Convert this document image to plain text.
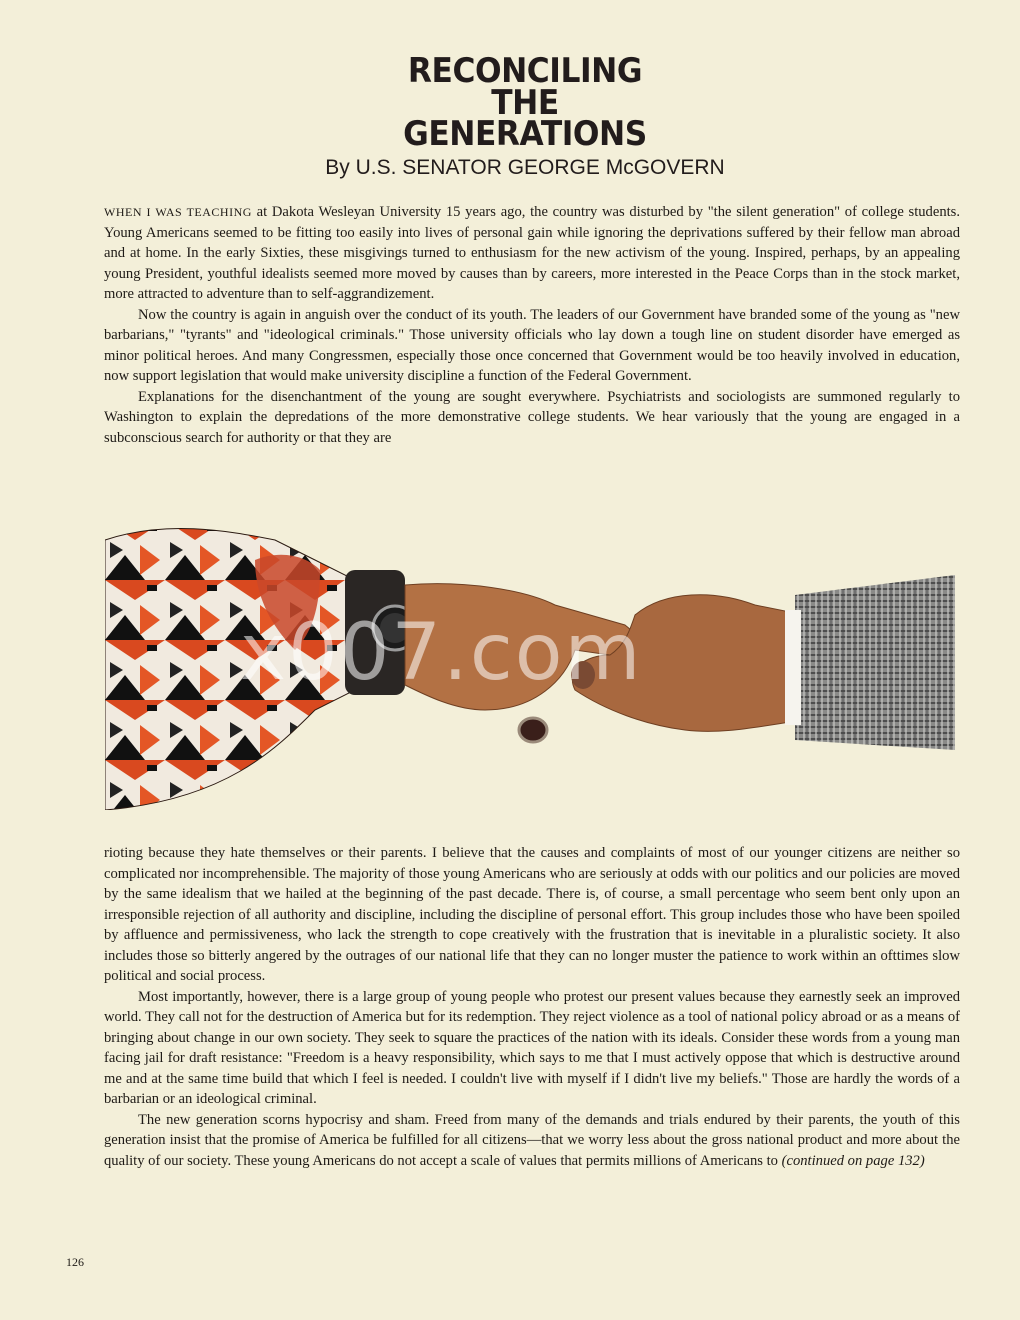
RECONCILING
THE
GENERATIONS
By U.S. SENATOR GEORGE McGOVERN

WHEN I WAS TEACHING at Dakota Wesleyan University 15 years ago, the country was disturbed by "the silent generation" of college students. Young Americans seemed to be fitting too easily into lives of personal gain while ignoring the deprivations suffered by their fellow man abroad and at home. In the early Sixties, these misgivings turned to enthusiasm for the new activism of the young. Inspired, perhaps, by an appealing young President, youthful idealists seemed more moved by causes than by careers, more interested in the Peace Corps than in the stock market, more attracted to adventure than to self-aggrandizement.

Now the country is again in anguish over the conduct of its youth. The leaders of our Government have branded some of the young as "new barbarians," "tyrants" and "ideological criminals." Those university officials who lay down a tough line on student disorder have emerged as minor political heroes. And many Congressmen, especially those once concerned that Government would be too heavily involved in education, now support legislation that would make university discipline a function of the Federal Government.

Explanations for the disenchantment of the young are sought everywhere. Psychiatrists and sociologists are summoned regularly to Washington to explain the depredations of the more demonstrative college students. We hear variously that the young are engaged in a subconscious search for authority or that they are

x007.com

rioting because they hate themselves or their parents. I believe that the causes and complaints of most of our younger citizens are neither so complicated nor incomprehensible. The majority of those young Americans who are seriously at odds with our politics and our policies are moved by the same idealism that we hailed at the beginning of the past decade. There is, of course, a small percentage who seem bent only upon an irresponsible rejection of all authority and discipline, including the discipline of personal effort. This group includes those who have been spoiled by affluence and permissiveness, who lack the strength to cope creatively with the frustration that is inevitable in a pluralistic society. It also includes those so bitterly angered by the outrages of our national life that they can no longer muster the patience to work within an ofttimes slow political and social process.

Most importantly, however, there is a large group of young people who protest our present values because they earnestly seek an improved world. They call not for the destruction of America but for its redemption. They reject violence as a tool of national policy abroad or as a means of bringing about change in our own society. They seek to square the practices of the nation with its ideals. Consider these words from a young man facing jail for draft resistance: "Freedom is a heavy responsibility, which says to me that I must actively oppose that which is destructive around me and at the same time build that which I feel is needed. I couldn't live with myself if I didn't live my beliefs." Those are hardly the words of a barbarian or an ideological criminal.

The new generation scorns hypocrisy and sham. Freed from many of the demands and trials endured by their parents, the youth of this generation insist that the promise of America be fulfilled for all citizens—that we worry less about the gross national product and more about the quality of our society. These young Americans do not accept a scale of values that permits millions of Americans to (continued on page 132)

126
